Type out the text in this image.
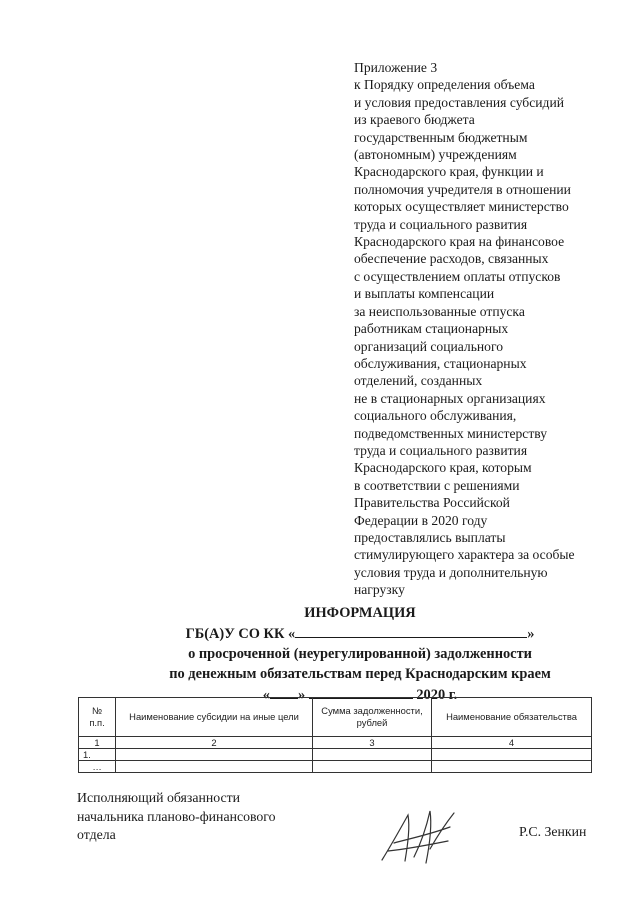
Приложение 3
к Порядку определения объема
и условия предоставления субсидий
из краевого бюджета
государственным бюджетным
(автономным) учреждениям
Краснодарского края, функции и
полномочия учредителя в отношении
которых осуществляет министерство
труда и социального развития
Краснодарского края на финансовое
обеспечение расходов, связанных
с осуществлением оплаты отпусков
и выплаты компенсации
за неиспользованные отпуска
работникам стационарных
организаций социального
обслуживания, стационарных
отделений, созданных
не в стационарных организациях
социального обслуживания,
подведомственных министерству
труда и социального развития
Краснодарского края, которым
в соответствии с решениями
Правительства Российской
Федерации в 2020 году
предоставлялись выплаты
стимулирующего характера за особые
условия труда и дополнительную
нагрузку
ИНФОРМАЦИЯ
ГБ(А)У СО КК «	»
о просроченной (неурегулированной) задолженности
по денежным обязательствам перед Краснодарским краем
« »	2020 г.
№ п.п.	Наименование субсидии на иные цели	Сумма задолженности, рублей	Наименование обязательства
1	2	3	4
1.			
…			
Исполняющий обязанности
начальника планово-финансового
отдела	Р.С. Зенкин
